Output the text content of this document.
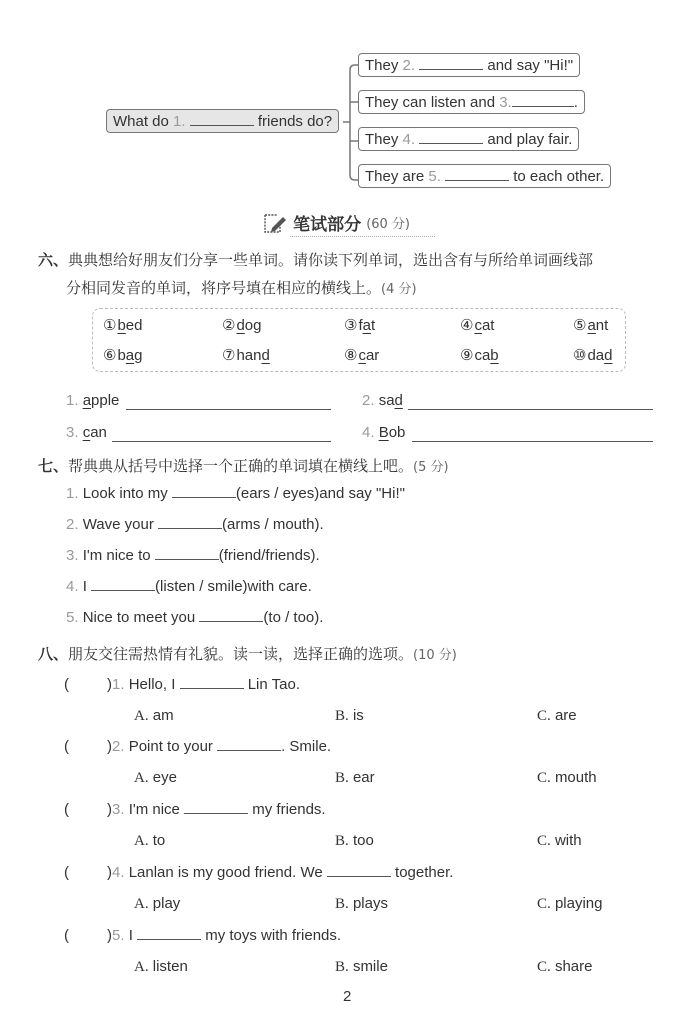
What do 1.	friends do?
They 2.	and say "Hi!"
They can listen and 3.	.
They 4.	and play fair.
They are 5.	to each other.
笔试部分 (60 分)
六、典典想给好朋友们分享一些单词。请你读下列单词，选出含有与所给单词画线部
分相同发音的单词，将序号填在相应的横线上。(4 分)
①bed	②dog	③fat	④cat	⑤ant
⑥bag	⑦hand	⑧car	⑨cab	⑩dad
1. apple	2. sad
3. can	4. Bob
七、帮典典从括号中选择一个正确的单词填在横线上吧。(5 分)
1. Look into my	(ears / eyes)and say "Hi!"
2. Wave your	(arms / mouth).
3. I'm nice to	(friend/friends).
4. I	(listen / smile)with care.
5. Nice to meet you	(to / too).
八、朋友交往需热情有礼貌。读一读，选择正确的选项。(10 分)
(	)1. Hello, I	Lin Tao.
A. am	B. is	C. are
(	)2. Point to your	. Smile.
A. eye	B. ear	C. mouth
(	)3. I'm nice	my friends.
A. to	B. too	C. with
(	)4. Lanlan is my good friend. We	together.
A. play	B. plays	C. playing
(	)5. I	my toys with friends.
A. listen	B. smile	C. share
2
